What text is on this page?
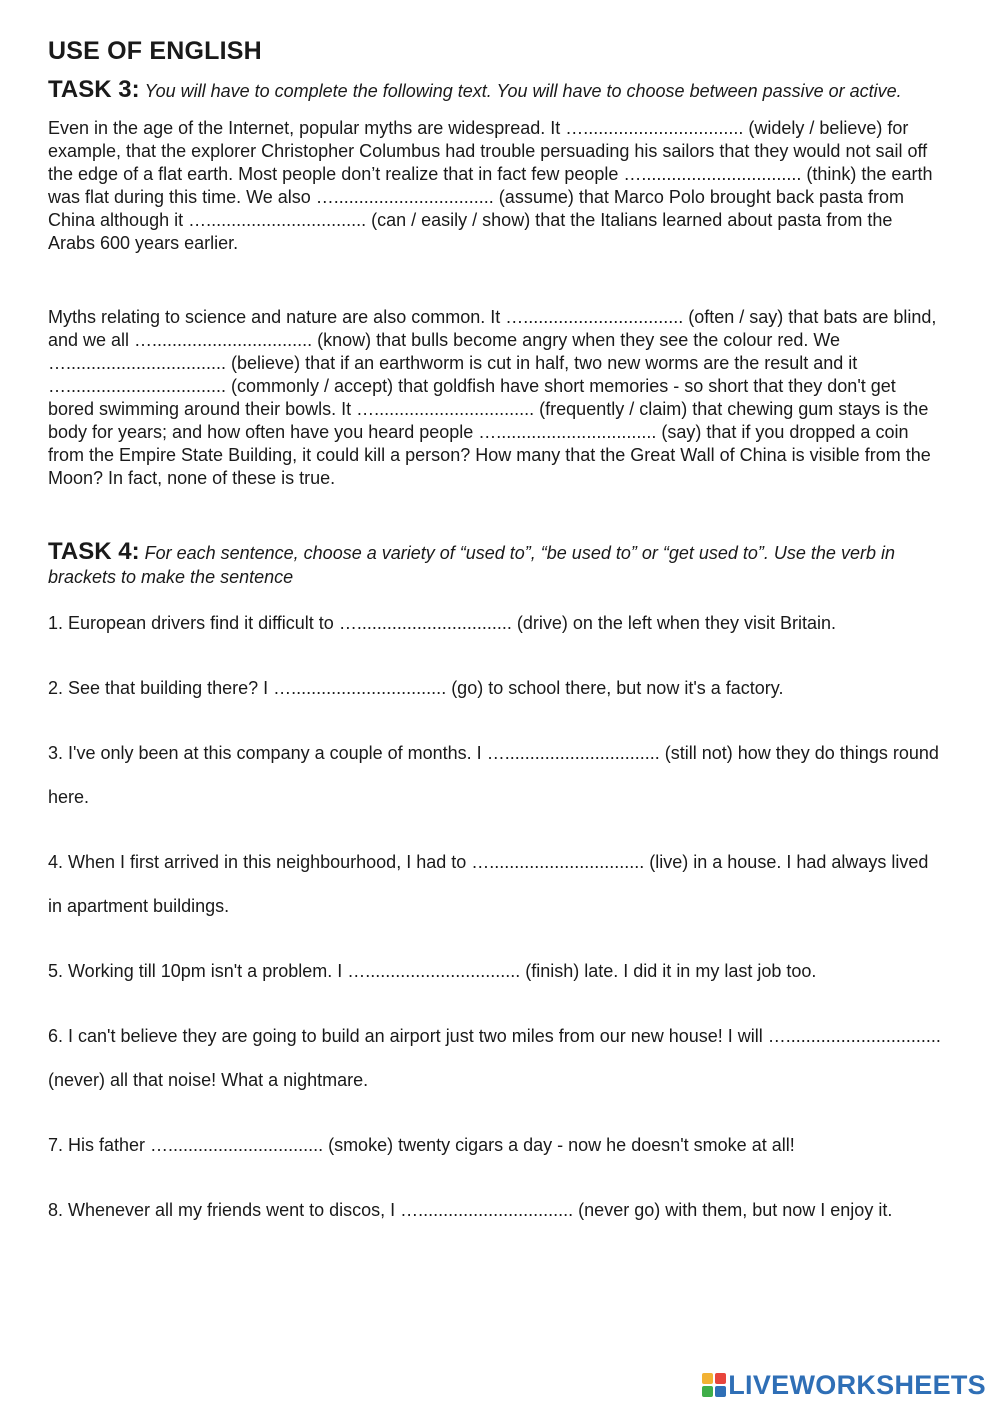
USE OF ENGLISH

TASK 3: You will have to complete the following text. You will have to choose between passive or active.

Even in the age of the Internet, popular myths are widespread. It …................................ (widely / believe) for example, that the explorer Christopher Columbus had trouble persuading his sailors that they would not sail off the edge of a flat earth. Most people don’t realize that in fact few people …................................ (think) the earth was flat during this time. We also …................................ (assume) that Marco Polo brought back pasta from China although it …................................ (can / easily / show) that the Italians learned about pasta from the Arabs 600 years earlier.

Myths relating to science and nature are also common. It …................................ (often / say) that bats are blind, and we all …................................ (know) that bulls become angry when they see the colour red. We …................................ (believe) that if an earthworm is cut in half, two new worms are the result and it …................................ (commonly / accept) that goldfish have short memories - so short that they don't get bored swimming around their bowls. It …................................ (frequently / claim) that chewing gum stays is the body for years; and how often have you heard people …................................ (say) that if you dropped a coin from the Empire State Building, it could kill a person? How many that the Great Wall of China is visible from the Moon? In fact, none of these is true.

TASK 4: For each sentence, choose a variety of “used to”, “be used to” or “get used to”. Use the verb in brackets to make the sentence

1. European drivers find it difficult to …............................... (drive) on the left when they visit Britain.

2. See that building there? I …............................... (go) to school there, but now it's a factory.

3. I've only been at this company a couple of months. I …............................... (still not) how they do things round here.

4. When I first arrived in this neighbourhood, I had to …............................... (live) in a house. I had always lived in apartment buildings.

5. Working till 10pm isn't a problem. I …............................... (finish) late. I did it in my last job too.

6. I can't believe they are going to build an airport just two miles from our new house! I will …............................... (never) all that noise! What a nightmare.

7. His father …............................... (smoke) twenty cigars a day - now he doesn't smoke at all!

8. Whenever all my friends went to discos, I …............................... (never go) with them, but now I enjoy it.

LIVEWORKSHEETS
